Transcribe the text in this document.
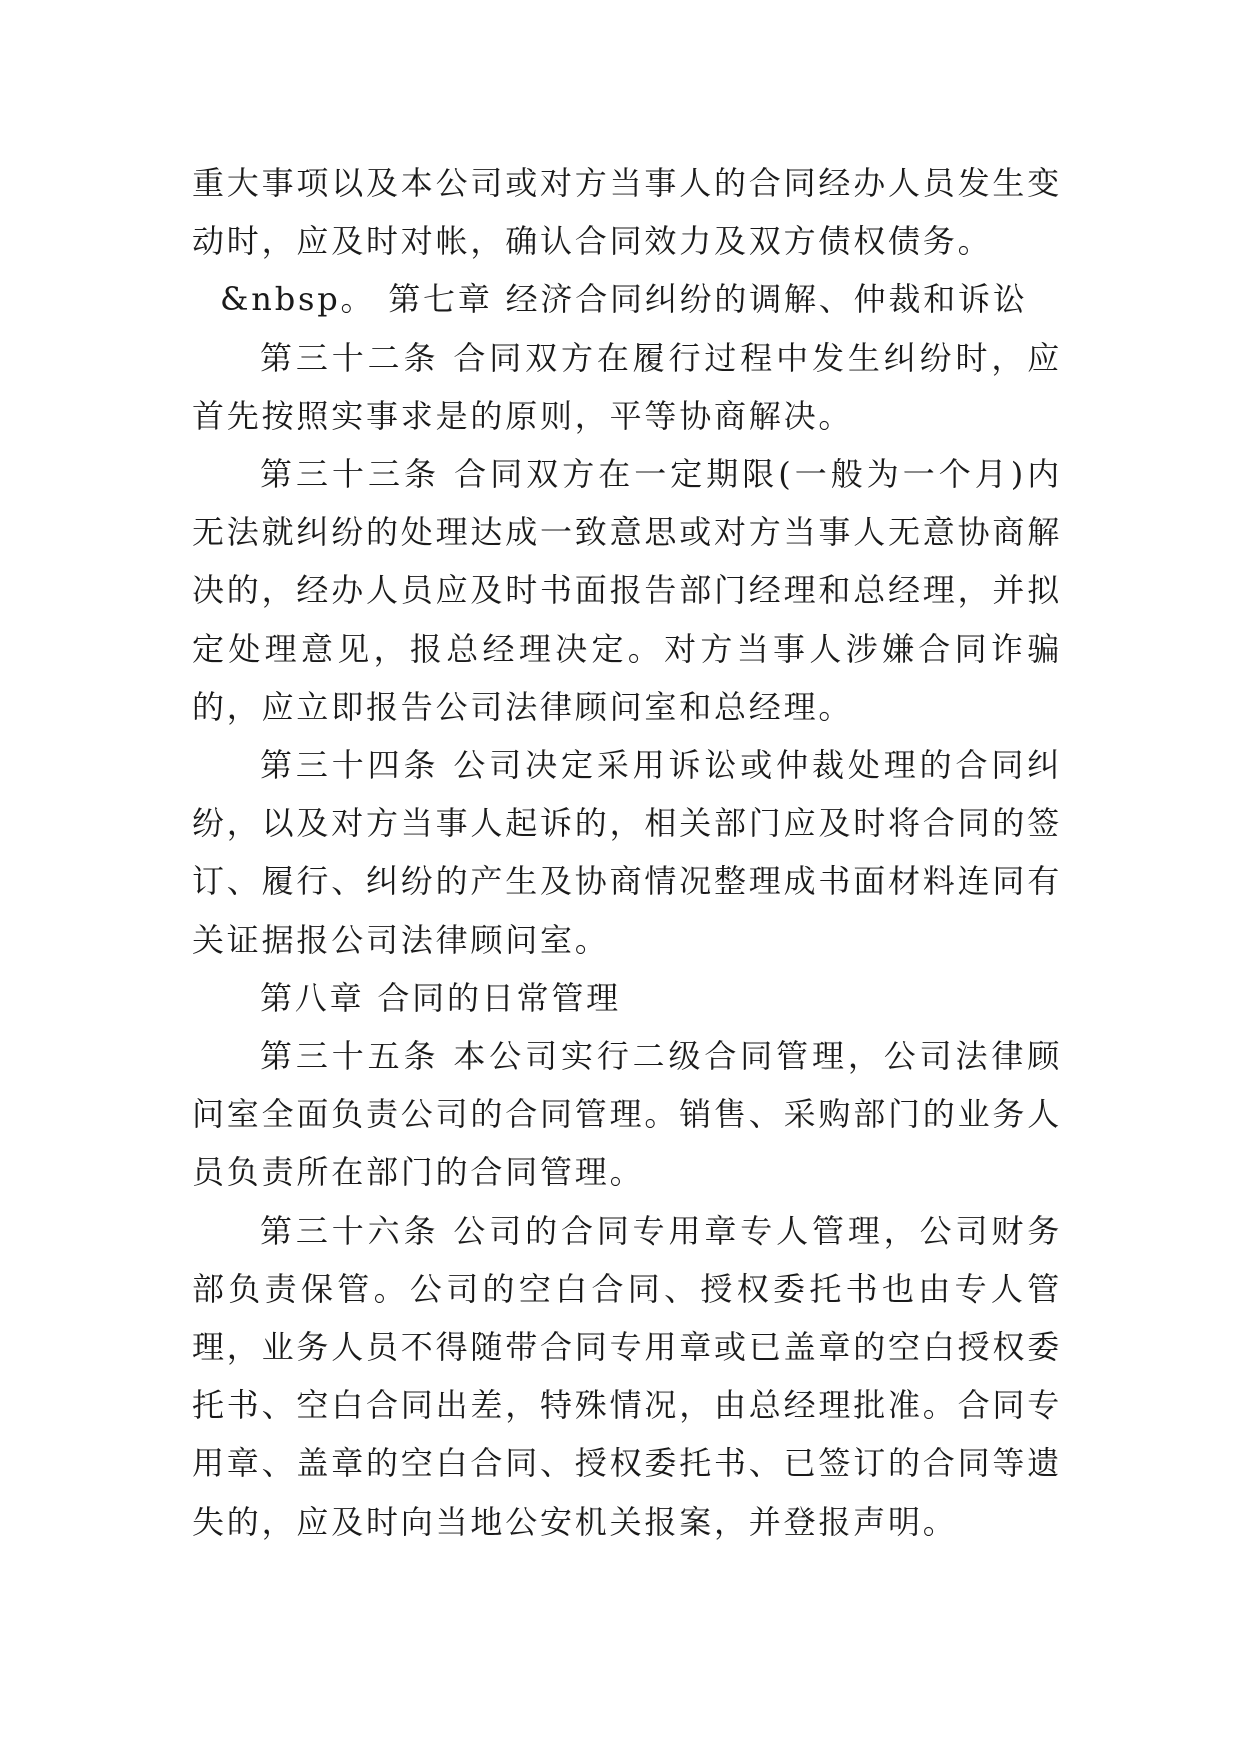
重大事项以及本公司或对方当事人的合同经办人员发生变动时，应及时对帐，确认合同效力及双方债权债务。

&nbsp。 第七章 经济合同纠纷的调解、仲裁和诉讼

第三十二条 合同双方在履行过程中发生纠纷时，应首先按照实事求是的原则，平等协商解决。

第三十三条 合同双方在一定期限(一般为一个月)内无法就纠纷的处理达成一致意思或对方当事人无意协商解决的，经办人员应及时书面报告部门经理和总经理，并拟定处理意见，报总经理决定。对方当事人涉嫌合同诈骗的，应立即报告公司法律顾问室和总经理。

第三十四条 公司决定采用诉讼或仲裁处理的合同纠纷，以及对方当事人起诉的，相关部门应及时将合同的签订、履行、纠纷的产生及协商情况整理成书面材料连同有关证据报公司法律顾问室。

第八章 合同的日常管理

第三十五条 本公司实行二级合同管理，公司法律顾问室全面负责公司的合同管理。销售、采购部门的业务人员负责所在部门的合同管理。

第三十六条 公司的合同专用章专人管理，公司财务部负责保管。公司的空白合同、授权委托书也由专人管理，业务人员不得随带合同专用章或已盖章的空白授权委托书、空白合同出差，特殊情况，由总经理批准。合同专用章、盖章的空白合同、授权委托书、已签订的合同等遗失的，应及时向当地公安机关报案，并登报声明。
